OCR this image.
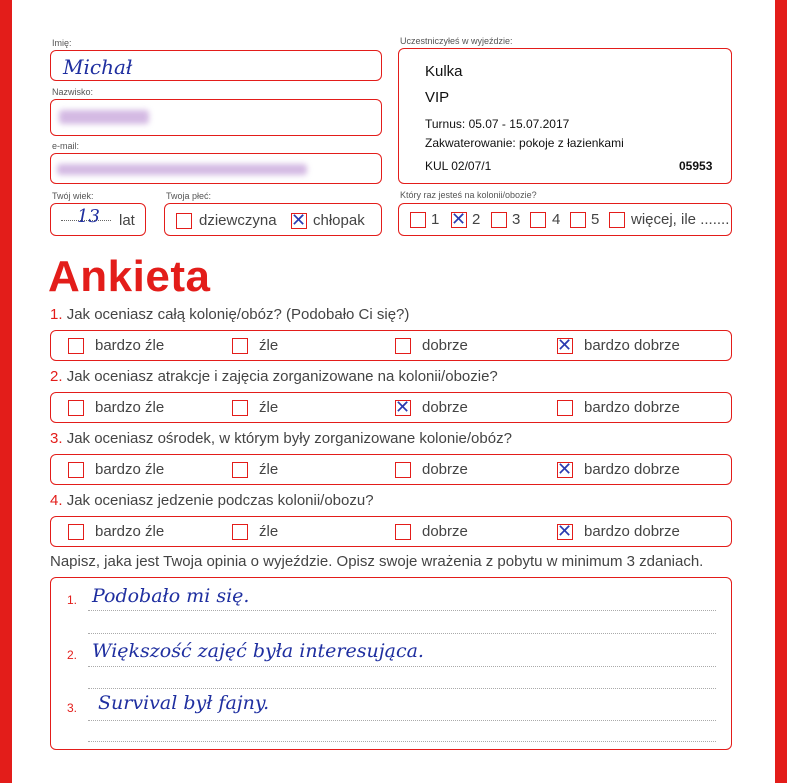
Imię:
Michał
Nazwisko:
e-mail:
Twój wiek:
13 lat
Twoja płeć:
dziewczyna ✕ chłopak
Uczestniczyłeś w wyjeździe:
Kulka
VIP
Turnus: 05.07 - 15.07.2017
Zakwaterowanie: pokoje z łazienkami
KUL 02/07/1	05953
Który raz jesteś na kolonii/obozie?
1 ✕ 2 3 4 5 więcej, ile .......
Ankieta
1. Jak oceniasz całą kolonię/obóz? (Podobało Ci się?)
bardzo źle	źle	dobrze	✕ bardzo dobrze
2. Jak oceniasz atrakcje i zajęcia zorganizowane na kolonii/obozie?
bardzo źle	źle	✕ dobrze	bardzo dobrze
3. Jak oceniasz ośrodek, w którym były zorganizowane kolonie/obóz?
bardzo źle	źle	dobrze	✕ bardzo dobrze
4. Jak oceniasz jedzenie podczas kolonii/obozu?
bardzo źle	źle	dobrze	✕ bardzo dobrze
Napisz, jaka jest Twoja opinia o wyjeździe. Opisz swoje wrażenia z pobytu w minimum 3 zdaniach.
1. Podobało mi się.
2. Większość zajęć była interesująca.
3. Survival był fajny.
